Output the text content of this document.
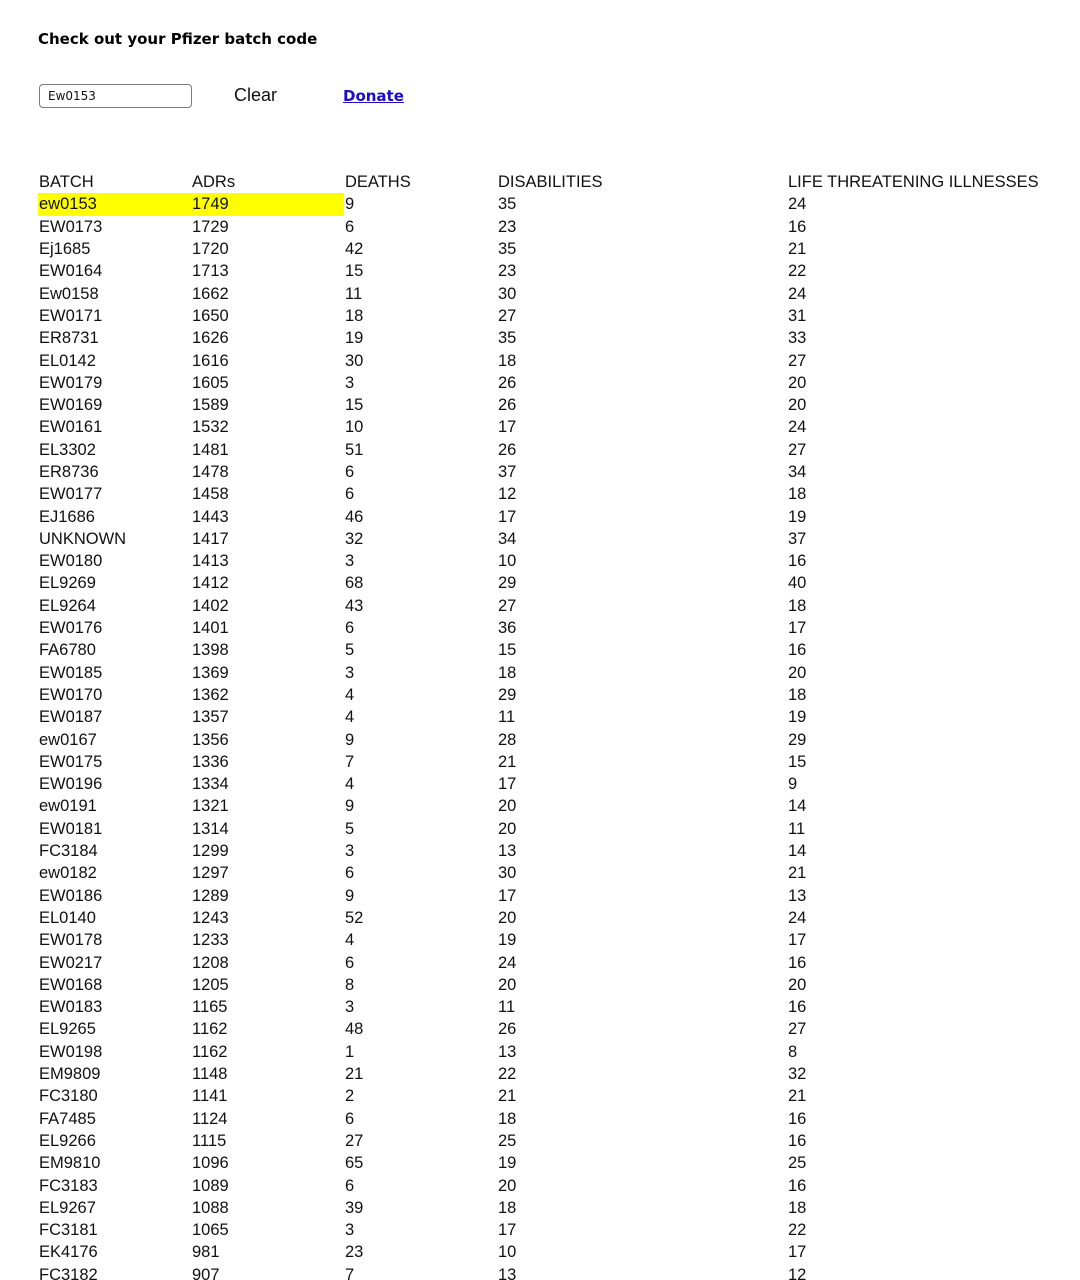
Check out your Pfizer batch code
Ew0153
Clear	Donate
BATCH	ADRs	DEATHS	DISABILITIES	LIFE THREATENING ILLNESSES
ew0153	1749	9	35	24
EW0173	1729	6	23	16
Ej1685	1720	42	35	21
EW0164	1713	15	23	22
Ew0158	1662	11	30	24
EW0171	1650	18	27	31
ER8731	1626	19	35	33
EL0142	1616	30	18	27
EW0179	1605	3	26	20
EW0169	1589	15	26	20
EW0161	1532	10	17	24
EL3302	1481	51	26	27
ER8736	1478	6	37	34
EW0177	1458	6	12	18
EJ1686	1443	46	17	19
UNKNOWN	1417	32	34	37
EW0180	1413	3	10	16
EL9269	1412	68	29	40
EL9264	1402	43	27	18
EW0176	1401	6	36	17
FA6780	1398	5	15	16
EW0185	1369	3	18	20
EW0170	1362	4	29	18
EW0187	1357	4	11	19
ew0167	1356	9	28	29
EW0175	1336	7	21	15
EW0196	1334	4	17	9
ew0191	1321	9	20	14
EW0181	1314	5	20	11
FC3184	1299	3	13	14
ew0182	1297	6	30	21
EW0186	1289	9	17	13
EL0140	1243	52	20	24
EW0178	1233	4	19	17
EW0217	1208	6	24	16
EW0168	1205	8	20	20
EW0183	1165	3	11	16
EL9265	1162	48	26	27
EW0198	1162	1	13	8
EM9809	1148	21	22	32
FC3180	1141	2	21	21
FA7485	1124	6	18	16
EL9266	1115	27	25	16
EM9810	1096	65	19	25
FC3183	1089	6	20	16
EL9267	1088	39	18	18
FC3181	1065	3	17	22
EK4176	981	23	10	17
FC3182	907	7	13	12
